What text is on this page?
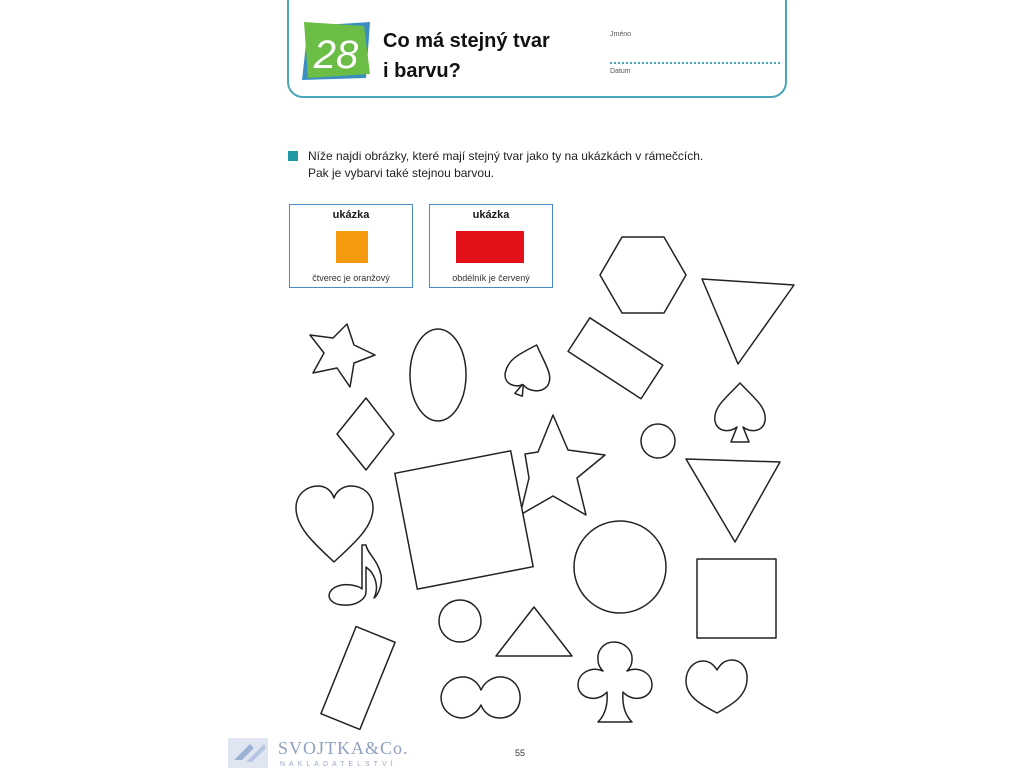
28 Co má stejný tvar
i barvu?
Jméno
Datum
Níže najdi obrázky, které mají stejný tvar jako ty na ukázkách v rámečcích.
Pak je vybarvi také stejnou barvou.
ukázka
čtverec je oranžový
ukázka
obdélník je červený
55
SVOJTKA&Co.
NAKLADATELSTVÍ
